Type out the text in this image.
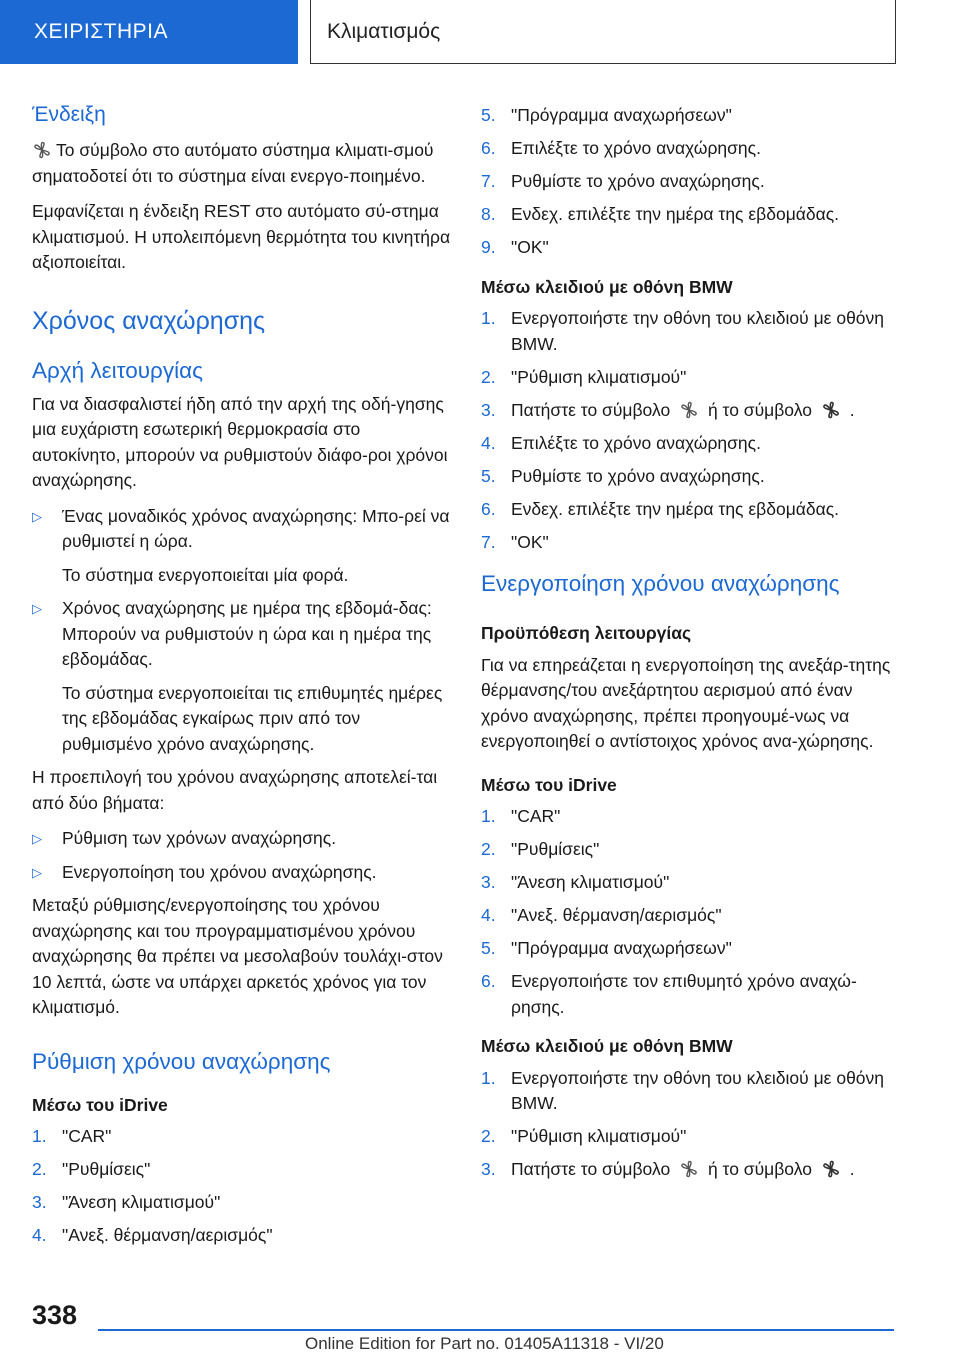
ΧΕΙΡΙΣΤΗΡΙΑ	Κλιματισμός
Ένδειξη

Το σύμβολο στο αυτόματο σύστημα κλιματι-σμού σηματοδοτεί ότι το σύστημα είναι ενεργο-ποιημένο.

Εμφανίζεται η ένδειξη REST στο αυτόματο σύ-στημα κλιματισμού. Η υπολειπόμενη θερμότητα του κινητήρα αξιοποιείται.

Χρόνος αναχώρησης
Αρχή λειτουργίας

Για να διασφαλιστεί ήδη από την αρχή της οδή-γησης μια ευχάριστη εσωτερική θερμοκρασία στο αυτοκίνητο, μπορούν να ρυθμιστούν διάφο-ροι χρόνοι αναχώρησης.

▷ Ένας μοναδικός χρόνος αναχώρησης: Μπο-ρεί να ρυθμιστεί η ώρα.
Το σύστημα ενεργοποιείται μία φορά.
▷ Χρόνος αναχώρησης με ημέρα της εβδομά-δας: Μπορούν να ρυθμιστούν η ώρα και η ημέρα της εβδομάδας.
Το σύστημα ενεργοποιείται τις επιθυμητές ημέρες της εβδομάδας εγκαίρως πριν από τον ρυθμισμένο χρόνο αναχώρησης.

Η προεπιλογή του χρόνου αναχώρησης αποτελεί-ται από δύο βήματα:

▷ Ρύθμιση των χρόνων αναχώρησης.
▷ Ενεργοποίηση του χρόνου αναχώρησης.

Μεταξύ ρύθμισης/ενεργοποίησης του χρόνου αναχώρησης και του προγραμματισμένου χρόνου αναχώρησης θα πρέπει να μεσολαβούν τουλάχι-στον 10 λεπτά, ώστε να υπάρχει αρκετός χρόνος για τον κλιματισμό.

Ρύθμιση χρόνου αναχώρησης
Μέσω του iDrive
1. "CAR"
2. "Ρυθμίσεις"
3. "Άνεση κλιματισμού"
4. "Ανεξ. θέρμανση/αερισμός"
5. "Πρόγραμμα αναχωρήσεων"
6. Επιλέξτε το χρόνο αναχώρησης.
7. Ρυθμίστε το χρόνο αναχώρησης.
8. Ενδεχ. επιλέξτε την ημέρα της εβδομάδας.
9. "OK"
Μέσω κλειδιού με οθόνη BMW
1. Ενεργοποιήστε την οθόνη του κλειδιού με οθόνη BMW.
2. "Ρύθμιση κλιματισμού"
3. Πατήστε το σύμβολο ή το σύμβολο .
4. Επιλέξτε το χρόνο αναχώρησης.
5. Ρυθμίστε το χρόνο αναχώρησης.
6. Ενδεχ. επιλέξτε την ημέρα της εβδομάδας.
7. "OK"
Ενεργοποίηση χρόνου αναχώρησης
Προϋπόθεση λειτουργίας

Για να επηρεάζεται η ενεργοποίηση της ανεξάρ-τητης θέρμανσης/του ανεξάρτητου αερισμού από έναν χρόνο αναχώρησης, πρέπει προηγουμέ-νως να ενεργοποιηθεί ο αντίστοιχος χρόνος ανα-χώρησης.

Μέσω του iDrive
1. "CAR"
2. "Ρυθμίσεις"
3. "Άνεση κλιματισμού"
4. "Ανεξ. θέρμανση/αερισμός"
5. "Πρόγραμμα αναχωρήσεων"
6. Ενεργοποιήστε τον επιθυμητό χρόνο αναχώ-ρησης.
Μέσω κλειδιού με οθόνη BMW
1. Ενεργοποιήστε την οθόνη του κλειδιού με οθόνη BMW.
2. "Ρύθμιση κλιματισμού"
3. Πατήστε το σύμβολο ή το σύμβολο .
338
Online Edition for Part no. 01405A11318 - VI/20
